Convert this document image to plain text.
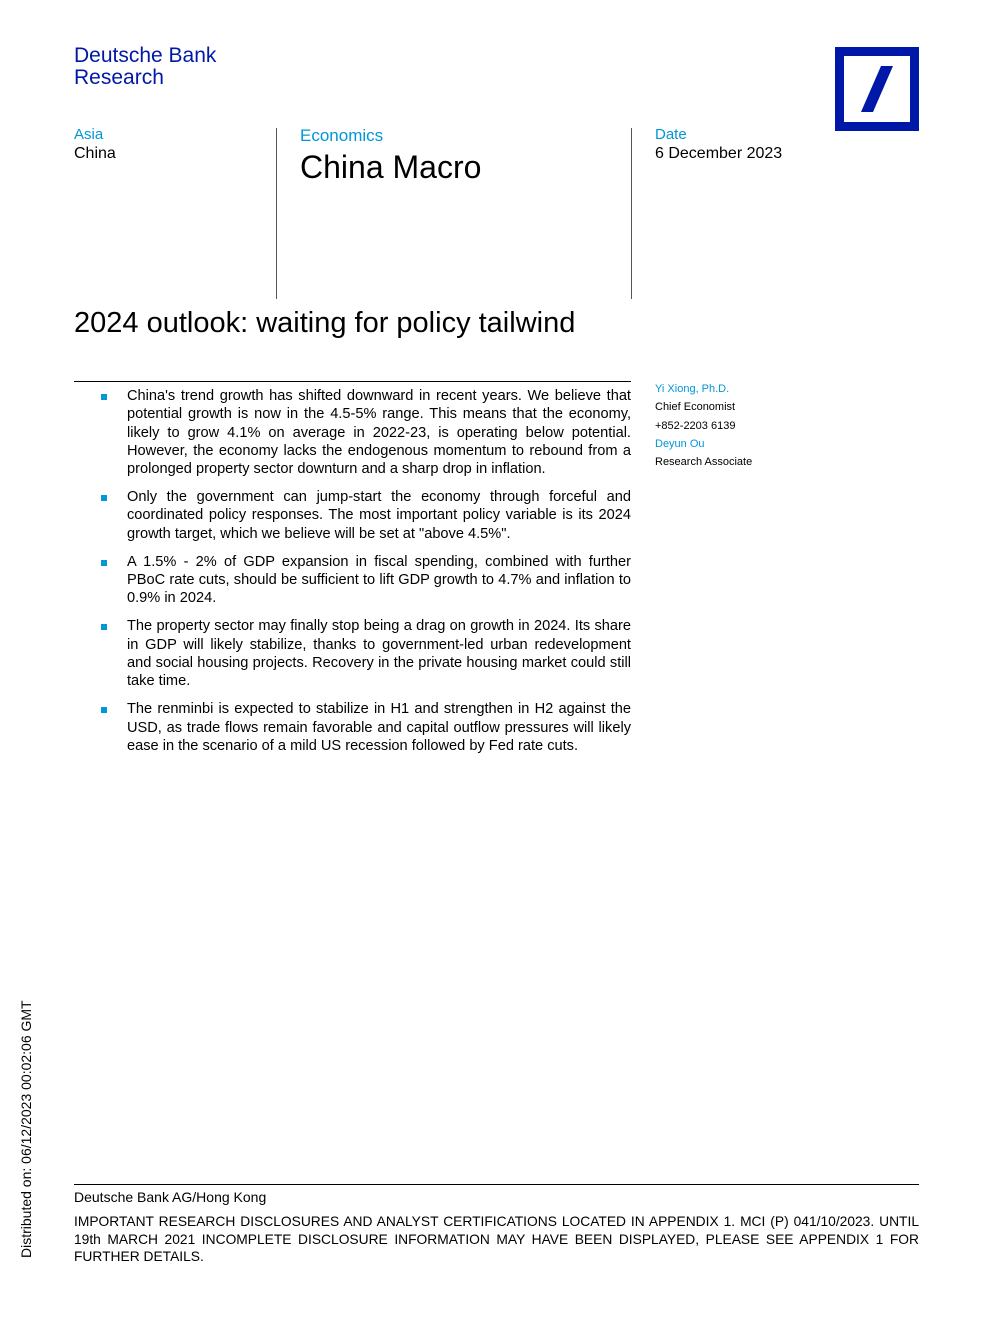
Deutsche Bank
Research
Asia
China
Economics
China Macro
Date
6 December 2023
2024 outlook: waiting for policy tailwind
China's trend growth has shifted downward in recent years. We believe that potential growth is now in the 4.5-5% range. This means that the economy, likely to grow 4.1% on average in 2022-23, is operating below potential. However, the economy lacks the endogenous momentum to rebound from a prolonged property sector downturn and a sharp drop in inflation.
Only the government can jump-start the economy through forceful and coordinated policy responses. The most important policy variable is its 2024 growth target, which we believe will be set at "above 4.5%".
A 1.5% - 2% of GDP expansion in fiscal spending, combined with further PBoC rate cuts, should be sufficient to lift GDP growth to 4.7% and inflation to 0.9% in 2024.
The property sector may finally stop being a drag on growth in 2024. Its share in GDP will likely stabilize, thanks to government-led urban redevelopment and social housing projects. Recovery in the private housing market could still take time.
The renminbi is expected to stabilize in H1 and strengthen in H2 against the USD, as trade flows remain favorable and capital outflow pressures will likely ease in the scenario of a mild US recession followed by Fed rate cuts.
Yi Xiong, Ph.D.
Chief Economist
+852-2203 6139
Deyun Ou
Research Associate
Distributed on: 06/12/2023 00:02:06 GMT	Deutsche Bank AG/Hong Kong
IMPORTANT RESEARCH DISCLOSURES AND ANALYST CERTIFICATIONS LOCATED IN APPENDIX 1. MCI (P) 041/10/2023. UNTIL 19th MARCH 2021 INCOMPLETE DISCLOSURE INFORMATION MAY HAVE BEEN DISPLAYED, PLEASE SEE APPENDIX 1 FOR FURTHER DETAILS.
